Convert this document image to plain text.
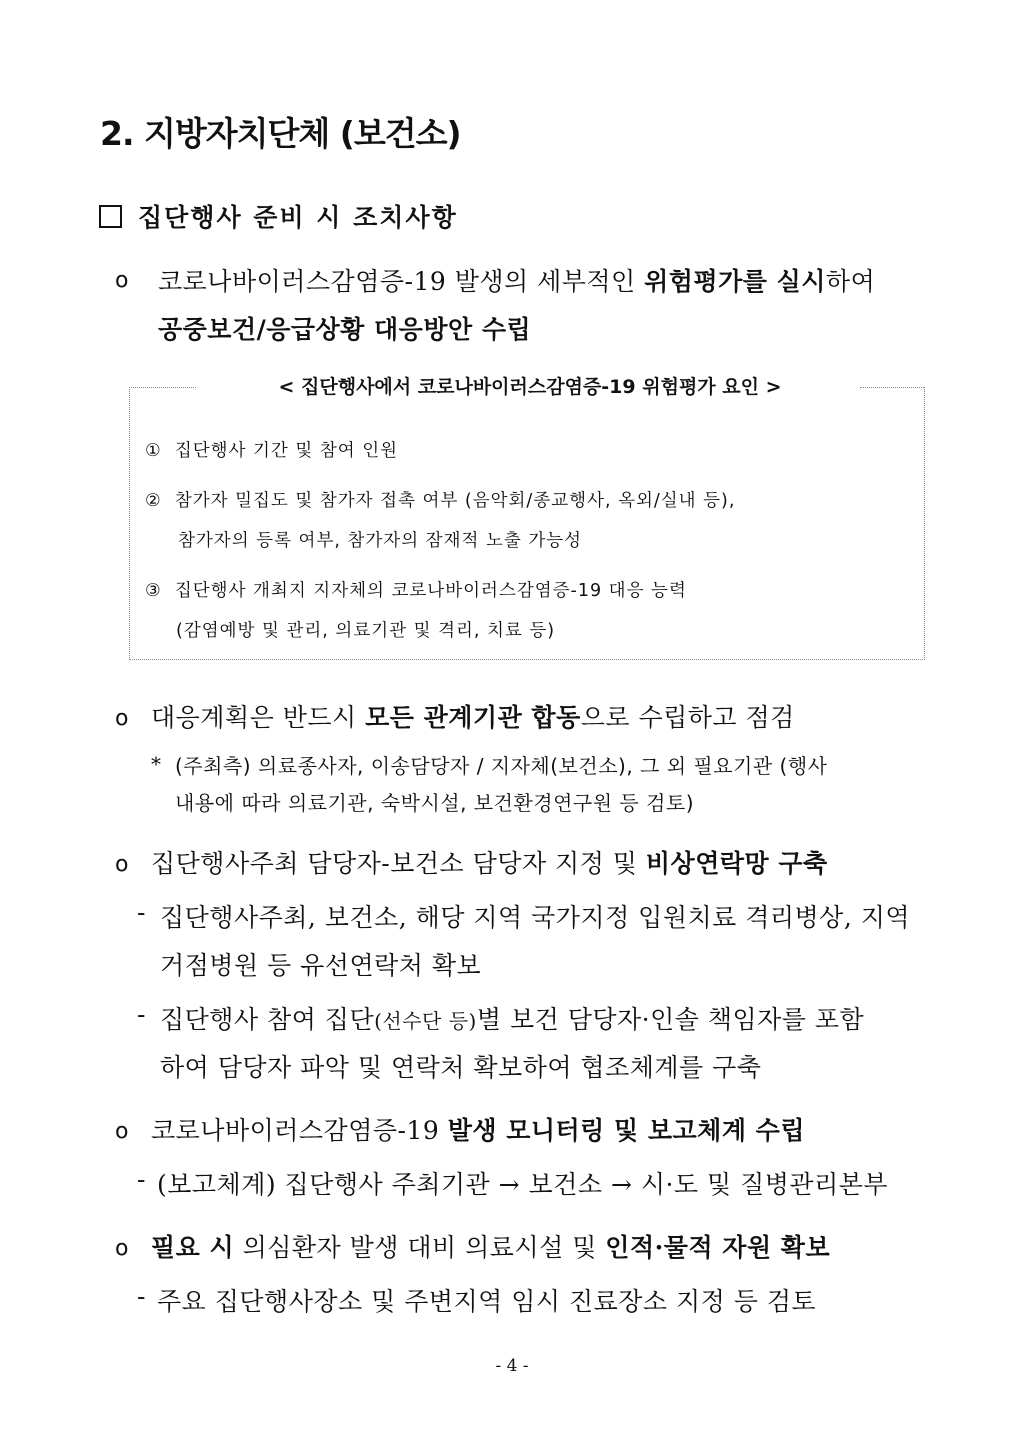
2. 지방자치단체 (보건소)
집단행사 준비 시 조치사항
ο 코로나바이러스감염증-19 발생의 세부적인 위험평가를 실시하여
공중보건/응급상황 대응방안 수립
< 집단행사에서 코로나바이러스감염증-19 위험평가 요인 >
① 집단행사 기간 및 참여 인원
② 참가자 밀집도 및 참가자 접촉 여부 (음악회/종교행사, 옥외/실내 등),
참가자의 등록 여부, 참가자의 잠재적 노출 가능성
③ 집단행사 개최지 지자체의 코로나바이러스감염증-19 대응 능력
(감염예방 및 관리, 의료기관 및 격리, 치료 등)
ο 대응계획은 반드시 모든 관계기관 합동으로 수립하고 점검
* (주최측) 의료종사자, 이송담당자 / 지자체(보건소), 그 외 필요기관 (행사
내용에 따라 의료기관, 숙박시설, 보건환경연구원 등 검토)
ο 집단행사주최 담당자-보건소 담당자 지정 및 비상연락망 구축
- 집단행사주최, 보건소, 해당 지역 국가지정 입원치료 격리병상, 지역
거점병원 등 유선연락처 확보
- 집단행사 참여 집단(선수단 등)별 보건 담당자·인솔 책임자를 포함
하여 담당자 파악 및 연락처 확보하여 협조체계를 구축
ο 코로나바이러스감염증-19 발생 모니터링 및 보고체계 수립
- (보고체계) 집단행사 주최기관 → 보건소 → 시·도 및 질병관리본부
ο 필요 시 의심환자 발생 대비 의료시설 및 인적·물적 자원 확보
- 주요 집단행사장소 및 주변지역 임시 진료장소 지정 등 검토
- 4 -
